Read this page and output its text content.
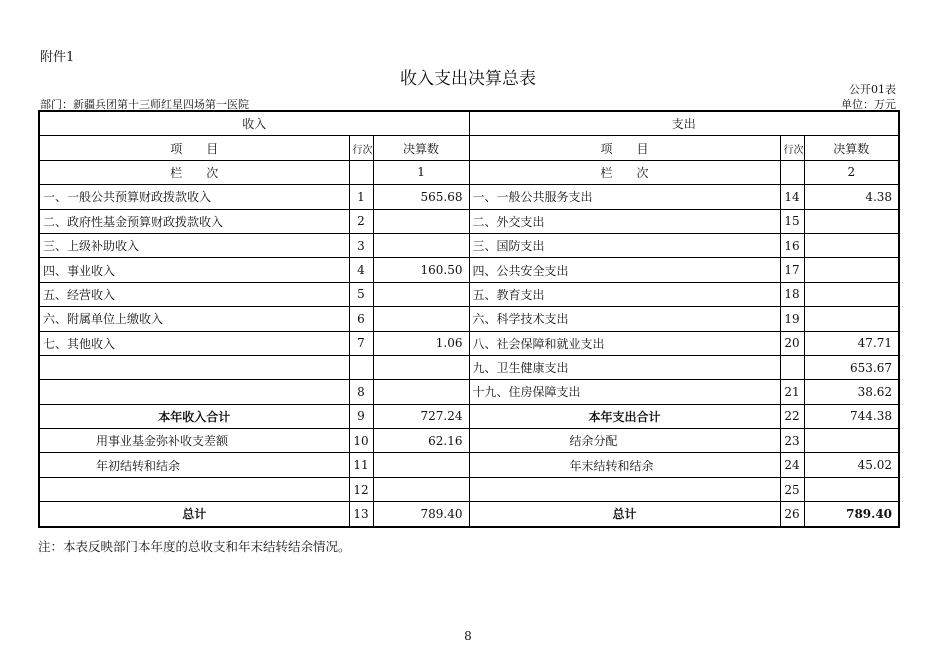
附件1
收入支出决算总表
公开01表
部门：新疆兵团第十三师红星四场第一医院	单位：万元
收入			支出		
项　　目	行次	决算数	项　　目	行次	决算数
栏　　次		1	栏　　次		2
一、一般公共预算财政拨款收入	1	565.68	一、一般公共服务支出	14	4.38
二、政府性基金预算财政拨款收入	2		二、外交支出	15	
三、上级补助收入	3		三、国防支出	16	
四、事业收入	4	160.50	四、公共安全支出	17	
五、经营收入	5		五、教育支出	18	
六、附属单位上缴收入	6		六、科学技术支出	19	
七、其他收入	7	1.06	八、社会保障和就业支出	20	47.71
			九、卫生健康支出		653.67
	8		十九、住房保障支出	21	38.62
本年收入合计	9	727.24	本年支出合计	22	744.38
用事业基金弥补收支差额	10	62.16	结余分配	23	
年初结转和结余	11		年末结转和结余	24	45.02
	12			25	
总计	13	789.40	总计	26	789.40
注：本表反映部门本年度的总收支和年末结转结余情况。
8
